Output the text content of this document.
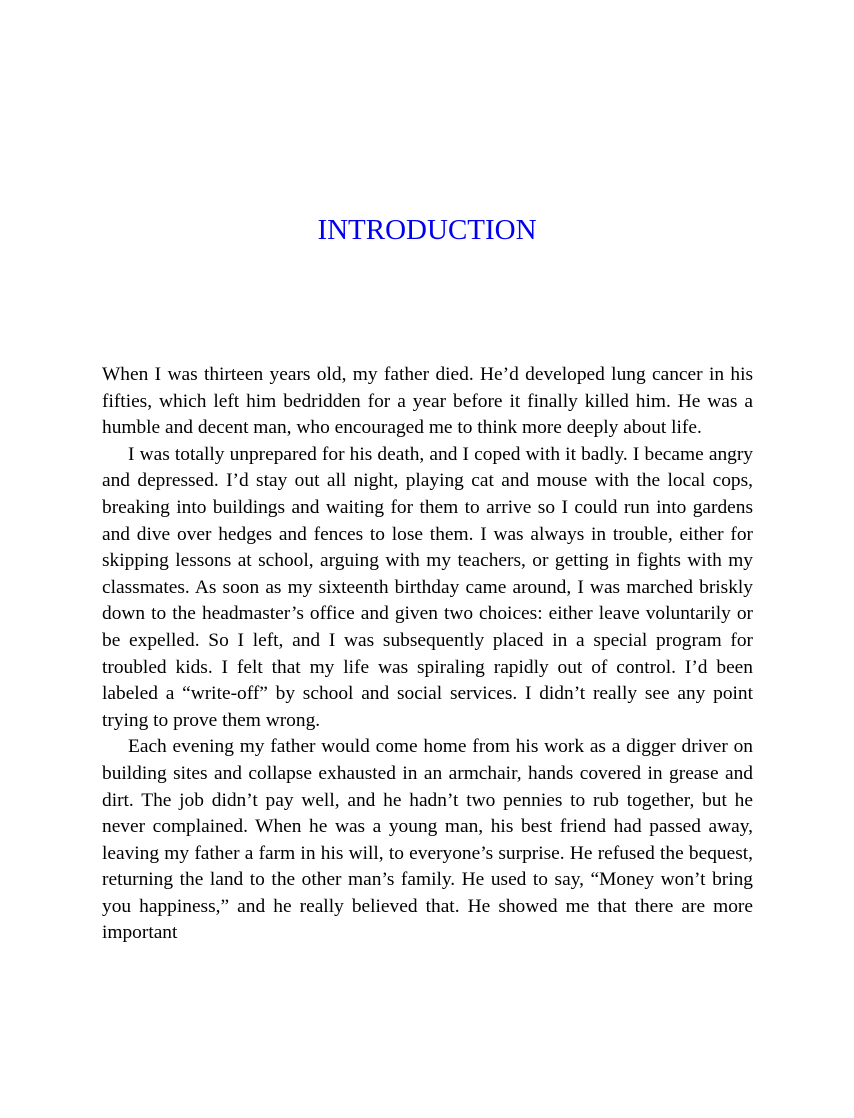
INTRODUCTION

When I was thirteen years old, my father died. He’d developed lung cancer in his fifties, which left him bedridden for a year before it finally killed him. He was a humble and decent man, who encouraged me to think more deeply about life.

I was totally unprepared for his death, and I coped with it badly. I became angry and depressed. I’d stay out all night, playing cat and mouse with the local cops, breaking into buildings and waiting for them to arrive so I could run into gardens and dive over hedges and fences to lose them. I was always in trouble, either for skipping lessons at school, arguing with my teachers, or getting in fights with my classmates. As soon as my sixteenth birthday came around, I was marched briskly down to the headmaster’s office and given two choices: either leave voluntarily or be expelled. So I left, and I was subsequently placed in a special program for troubled kids. I felt that my life was spiraling rapidly out of control. I’d been labeled a “write-off” by school and social services. I didn’t really see any point trying to prove them wrong.

Each evening my father would come home from his work as a digger driver on building sites and collapse exhausted in an armchair, hands covered in grease and dirt. The job didn’t pay well, and he hadn’t two pennies to rub together, but he never complained. When he was a young man, his best friend had passed away, leaving my father a farm in his will, to everyone’s surprise. He refused the bequest, returning the land to the other man’s family. He used to say, “Money won’t bring you happiness,” and he really believed that. He showed me that there are more important
